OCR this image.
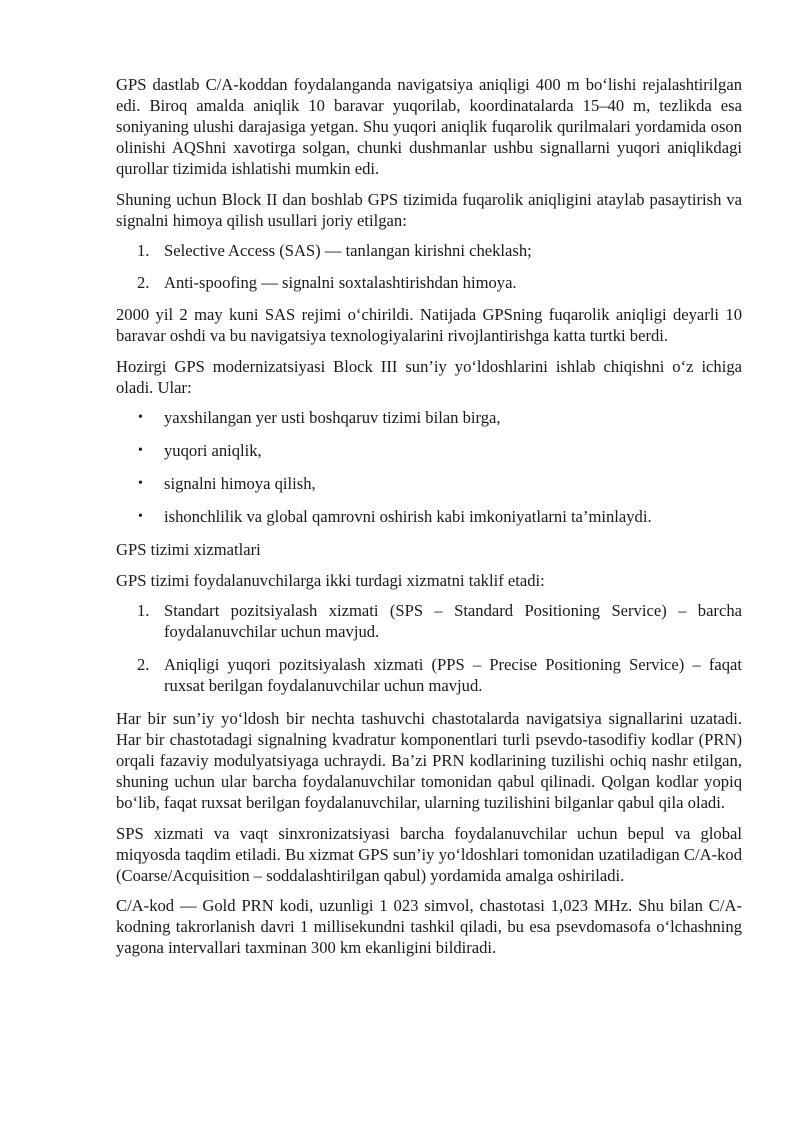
GPS dastlab C/A-koddan foydalanganda navigatsiya aniqligi 400 m bo‘lishi rejalashtirilgan edi. Biroq amalda aniqlik 10 baravar yuqorilab, koordinatalarda 15–40 m, tezlikda esa soniyaning ulushi darajasiga yetgan. Shu yuqori aniqlik fuqarolik qurilmalari yordamida oson olinishi AQShni xavotirga solgan, chunki dushmanlar ushbu signallarni yuqori aniqlikdagi qurollar tizimida ishlatishi mumkin edi.

Shuning uchun Block II dan boshlab GPS tizimida fuqarolik aniqligini ataylab pasaytirish va signalni himoya qilish usullari joriy etilgan:

1. Selective Access (SAS) — tanlangan kirishni cheklash;
2. Anti-spoofing — signalni soxtalashtirishdan himoya.

2000 yil 2 may kuni SAS rejimi o‘chirildi. Natijada GPSning fuqarolik aniqligi deyarli 10 baravar oshdi va bu navigatsiya texnologiyalarini rivojlantirishga katta turtki berdi.

Hozirgi GPS modernizatsiyasi Block III sun’iy yo‘ldoshlarini ishlab chiqishni o‘z ichiga oladi. Ular:

• yaxshilangan yer usti boshqaruv tizimi bilan birga,
• yuqori aniqlik,
• signalni himoya qilish,
• ishonchlilik va global qamrovni oshirish kabi imkoniyatlarni ta’minlaydi.

GPS tizimi xizmatlari

GPS tizimi foydalanuvchilarga ikki turdagi xizmatni taklif etadi:

1. Standart pozitsiyalash xizmati (SPS – Standard Positioning Service) – barcha foydalanuvchilar uchun mavjud.
2. Aniqligi yuqori pozitsiyalash xizmati (PPS – Precise Positioning Service) – faqat ruxsat berilgan foydalanuvchilar uchun mavjud.

Har bir sun’iy yo‘ldosh bir nechta tashuvchi chastotalarda navigatsiya signallarini uzatadi. Har bir chastotadagi signalning kvadratur komponentlari turli psevdo-tasodifiy kodlar (PRN) orqali fazaviy modulyatsiyaga uchraydi. Ba’zi PRN kodlarining tuzilishi ochiq nashr etilgan, shuning uchun ular barcha foydalanuvchilar tomonidan qabul qilinadi. Qolgan kodlar yopiq bo‘lib, faqat ruxsat berilgan foydalanuvchilar, ularning tuzilishini bilganlar qabul qila oladi.

SPS xizmati va vaqt sinxronizatsiyasi barcha foydalanuvchilar uchun bepul va global miqyosda taqdim etiladi. Bu xizmat GPS sun’iy yo‘ldoshlari tomonidan uzatiladigan C/A-kod (Coarse/Acquisition – soddalashtirilgan qabul) yordamida amalga oshiriladi.

C/A-kod — Gold PRN kodi, uzunligi 1 023 simvol, chastotasi 1,023 MHz. Shu bilan C/A-kodning takrorlanish davri 1 millisekundni tashkil qiladi, bu esa psevdomasofa o‘lchashning yagona intervallari taxminan 300 km ekanligini bildiradi.
